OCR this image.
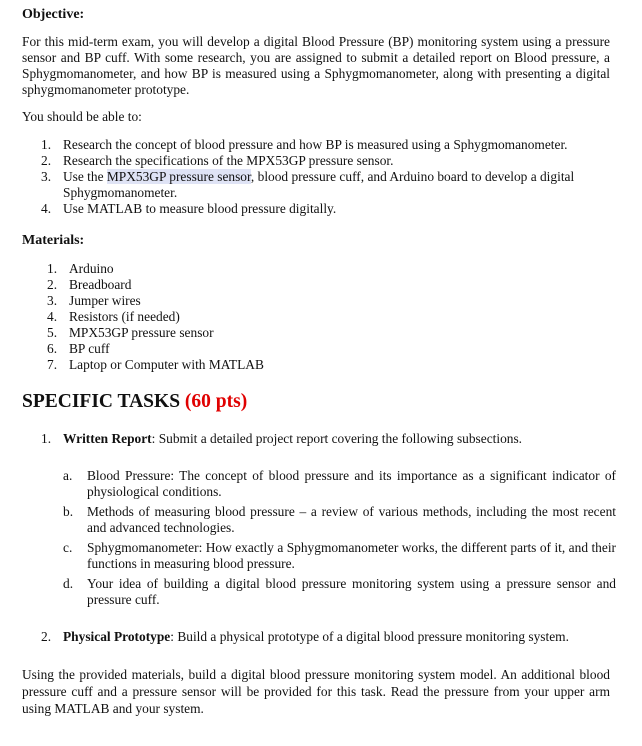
Objective:
For this mid-term exam, you will develop a digital Blood Pressure (BP) monitoring system using a pressure sensor and BP cuff. With some research, you are assigned to submit a detailed report on Blood pressure, a Sphygmomanometer, and how BP is measured using a Sphygmomanometer, along with presenting a digital sphygmomanometer prototype.
You should be able to:
1. Research the concept of blood pressure and how BP is measured using a Sphygmomanometer.
2. Research the specifications of the MPX53GP pressure sensor.
3. Use the MPX53GP pressure sensor, blood pressure cuff, and Arduino board to develop a digital Sphygmomanometer.
4. Use MATLAB to measure blood pressure digitally.
Materials:
1. Arduino
2. Breadboard
3. Jumper wires
4. Resistors (if needed)
5. MPX53GP pressure sensor
6. BP cuff
7. Laptop or Computer with MATLAB
SPECIFIC TASKS (60 pts)
1. Written Report: Submit a detailed project report covering the following subsections.
a. Blood Pressure: The concept of blood pressure and its importance as a significant indicator of physiological conditions.
b. Methods of measuring blood pressure – a review of various methods, including the most recent and advanced technologies.
c. Sphygmomanometer: How exactly a Sphygmomanometer works, the different parts of it, and their functions in measuring blood pressure.
d. Your idea of building a digital blood pressure monitoring system using a pressure sensor and pressure cuff.
2. Physical Prototype: Build a physical prototype of a digital blood pressure monitoring system.
Using the provided materials, build a digital blood pressure monitoring system model. An additional blood pressure cuff and a pressure sensor will be provided for this task. Read the pressure from your upper arm using MATLAB and your system.
